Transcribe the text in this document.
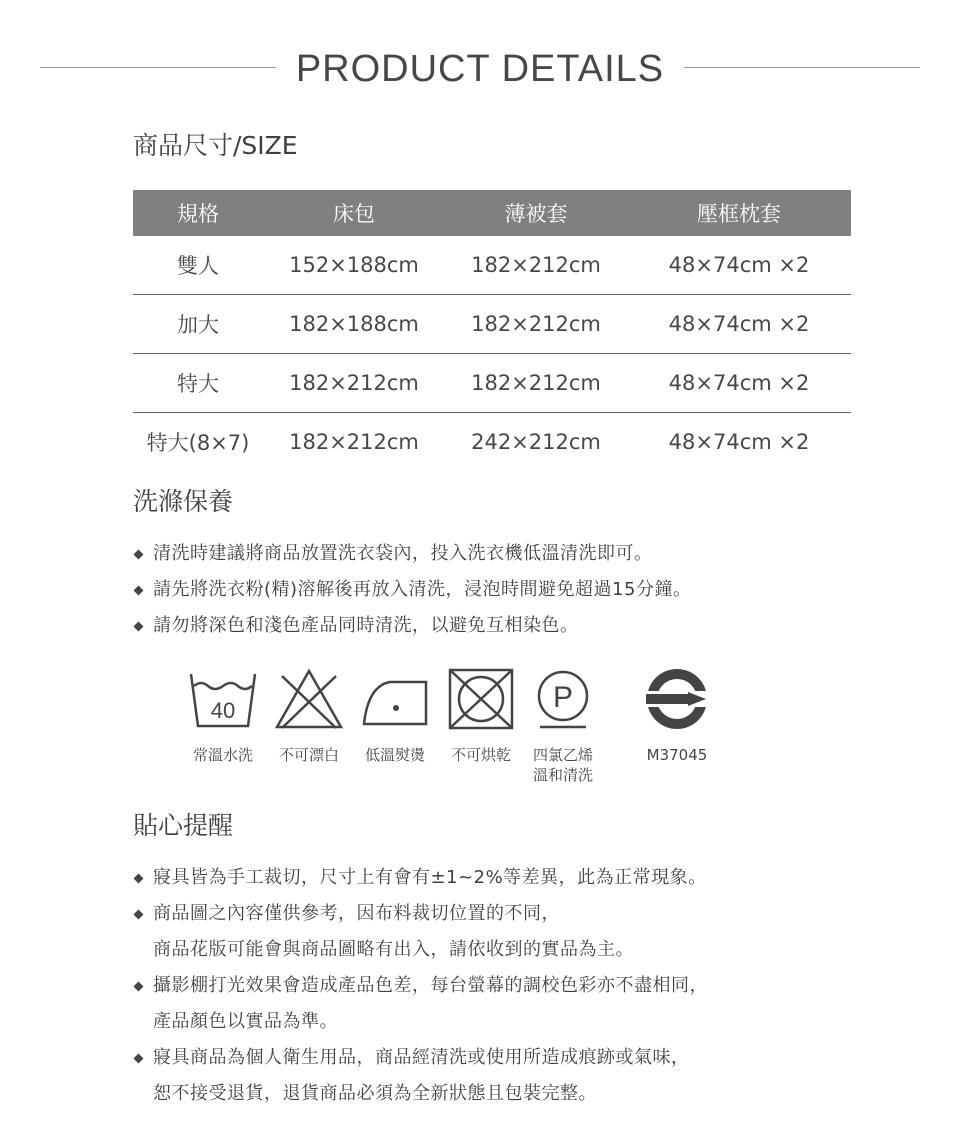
PRODUCT DETAILS
商品尺寸/SIZE
規格	床包	薄被套	壓框枕套
雙人	152×188cm	182×212cm	48×74cm ×2
加大	182×188cm	182×212cm	48×74cm ×2
特大	182×212cm	182×212cm	48×74cm ×2
特大(8×7)	182×212cm	242×212cm	48×74cm ×2
洗滌保養
清洗時建議將商品放置洗衣袋內，投入洗衣機低溫清洗即可。
請先將洗衣粉(精)溶解後再放入清洗，浸泡時間避免超過15分鐘。
請勿將深色和淺色產品同時清洗，以避免互相染色。
40	P
常溫水洗	不可漂白	低溫熨燙	不可烘乾	四氯乙烯
溫和清洗
M37045
貼心提醒
寢具皆為手工裁切，尺寸上有會有±1~2%等差異，此為正常現象。
商品圖之內容僅供參考，因布料裁切位置的不同，
商品花版可能會與商品圖略有出入，請依收到的實品為主。
攝影棚打光效果會造成產品色差，每台螢幕的調校色彩亦不盡相同，
產品顏色以實品為準。
寢具商品為個人衛生用品，商品經清洗或使用所造成痕跡或氣味，
恕不接受退貨，退貨商品必須為全新狀態且包裝完整。
